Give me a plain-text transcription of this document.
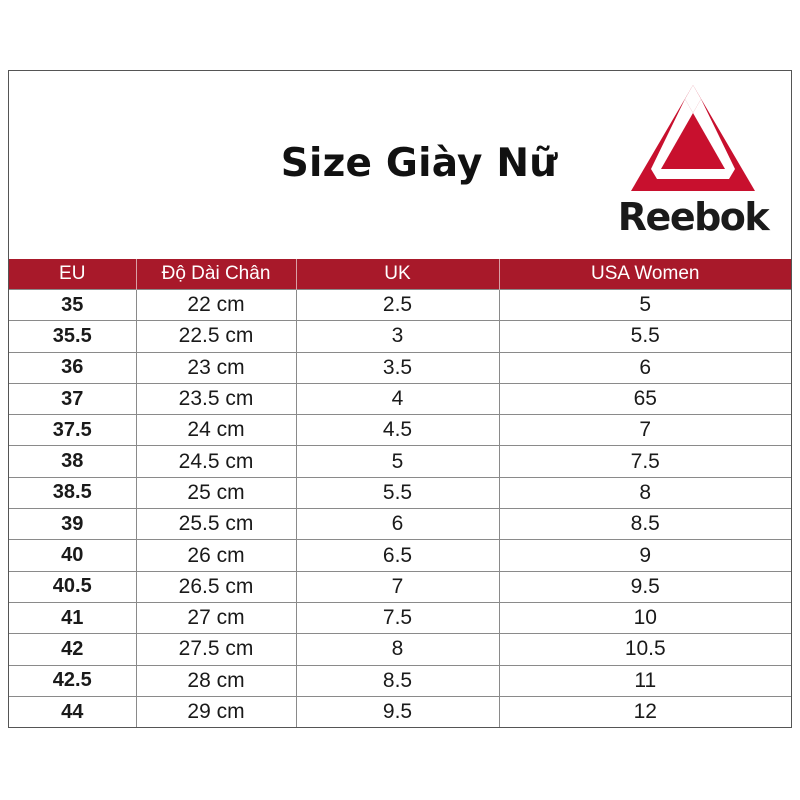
Size Giày Nữ
Reebok
EU	Độ Dài Chân	UK	USA Women
35	22 cm	2.5	5
35.5	22.5 cm	3	5.5
36	23 cm	3.5	6
37	23.5 cm	4	65
37.5	24 cm	4.5	7
38	24.5 cm	5	7.5
38.5	25 cm	5.5	8
39	25.5 cm	6	8.5
40	26 cm	6.5	9
40.5	26.5 cm	7	9.5
41	27 cm	7.5	10
42	27.5 cm	8	10.5
42.5	28 cm	8.5	11
44	29 cm	9.5	12
